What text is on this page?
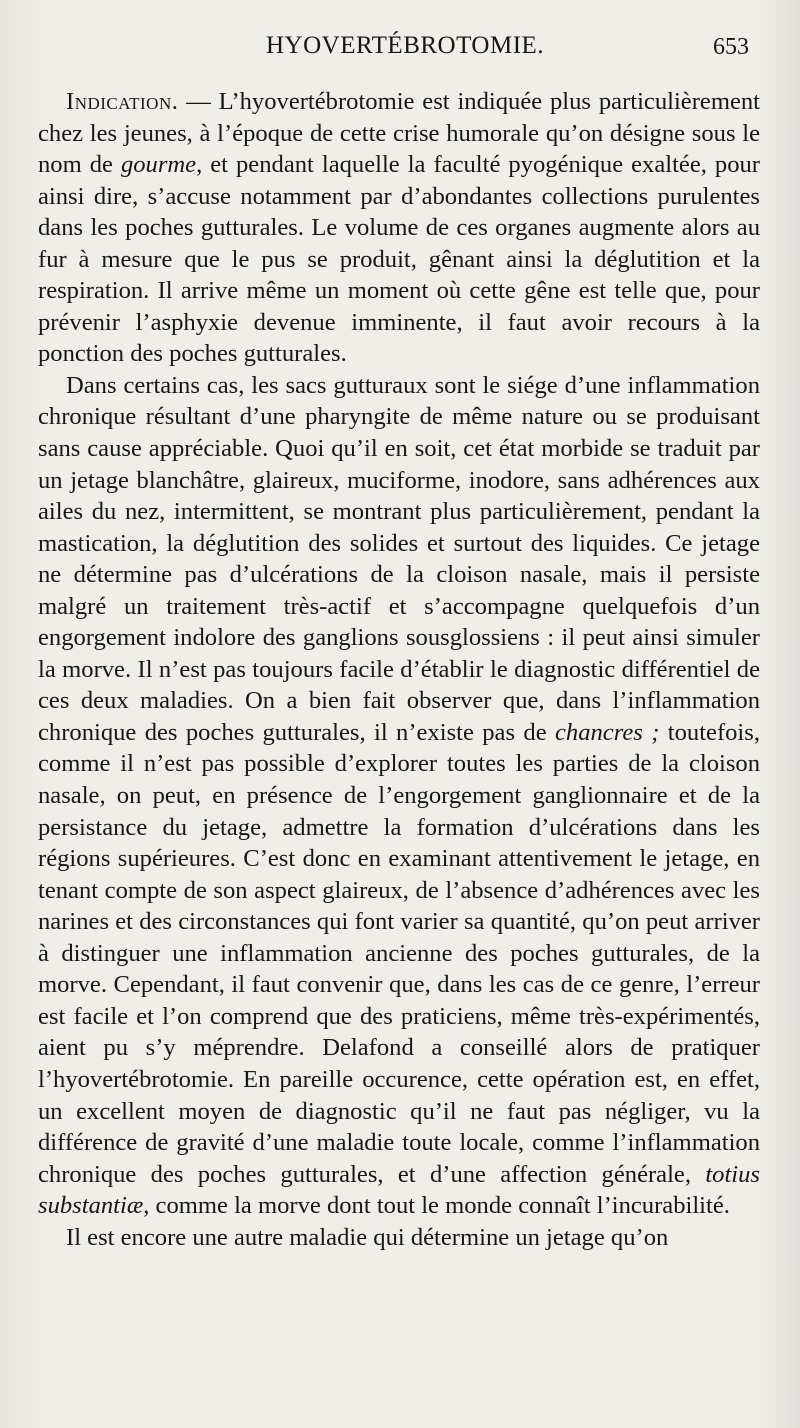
HYOVERTÉBROTOMIE.	653

Indication. — L’hyovertébrotomie est indiquée plus particulièrement chez les jeunes, à l’époque de cette crise humorale qu’on désigne sous le nom de gourme, et pendant laquelle la faculté pyogénique exaltée, pour ainsi dire, s’accuse notamment par d’abondantes collections purulentes dans les poches gutturales. Le volume de ces organes augmente alors au fur à mesure que le pus se produit, gênant ainsi la déglutition et la respiration. Il arrive même un moment où cette gêne est telle que, pour prévenir l’asphyxie devenue imminente, il faut avoir recours à la ponction des poches gutturales.

Dans certains cas, les sacs gutturaux sont le siége d’une inflammation chronique résultant d’une pharyngite de même nature ou se produisant sans cause appréciable. Quoi qu’il en soit, cet état morbide se traduit par un jetage blanchâtre, glaireux, muciforme, inodore, sans adhérences aux ailes du nez, intermittent, se montrant plus particulièrement, pendant la mastication, la déglutition des solides et surtout des liquides. Ce jetage ne détermine pas d’ulcérations de la cloison nasale, mais il persiste malgré un traitement très-actif et s’accompagne quelquefois d’un engorgement indolore des ganglions sousglossiens : il peut ainsi simuler la morve. Il n’est pas toujours facile d’établir le diagnostic différentiel de ces deux maladies. On a bien fait observer que, dans l’inflammation chronique des poches gutturales, il n’existe pas de chancres ; toutefois, comme il n’est pas possible d’explorer toutes les parties de la cloison nasale, on peut, en présence de l’engorgement ganglionnaire et de la persistance du jetage, admettre la formation d’ulcérations dans les régions supérieures. C’est donc en examinant attentivement le jetage, en tenant compte de son aspect glaireux, de l’absence d’adhérences avec les narines et des circonstances qui font varier sa quantité, qu’on peut arriver à distinguer une inflammation ancienne des poches gutturales, de la morve. Cependant, il faut convenir que, dans les cas de ce genre, l’erreur est facile et l’on comprend que des praticiens, même très-expérimentés, aient pu s’y méprendre. Delafond a conseillé alors de pratiquer l’hyovertébrotomie. En pareille occurence, cette opération est, en effet, un excellent moyen de diagnostic qu’il ne faut pas négliger, vu la différence de gravité d’une maladie toute locale, comme l’inflammation chronique des poches gutturales, et d’une affection générale, totius substantiæ, comme la morve dont tout le monde connaît l’incurabilité.

Il est encore une autre maladie qui détermine un jetage qu’on
